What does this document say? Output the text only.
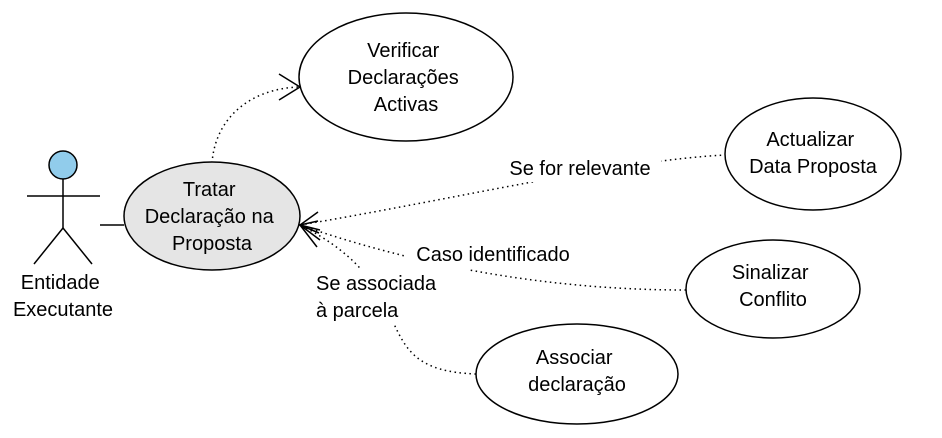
Entidade Executante
Tratar Declaração na Proposta
Verificar Declarações Activas
Actualizar Data Proposta
Sinalizar Conflito
Associar declaração
Se for relevante
Caso identificado
Se associada à parcela
